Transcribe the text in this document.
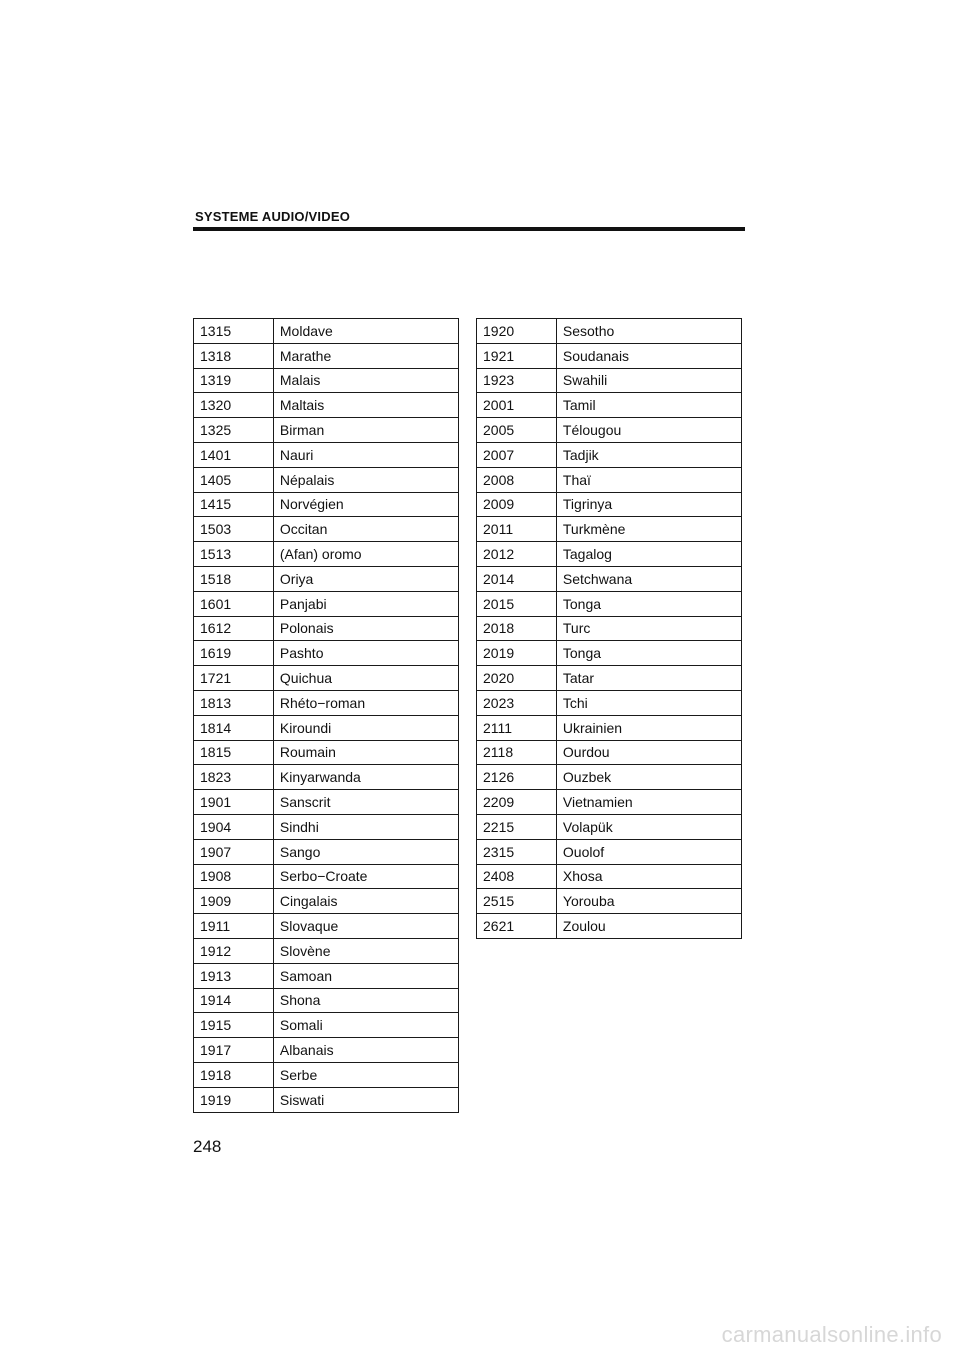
SYSTEME AUDIO/VIDEO
1315	Moldave
1318	Marathe
1319	Malais
1320	Maltais
1325	Birman
1401	Nauri
1405	Népalais
1415	Norvégien
1503	Occitan
1513	(Afan) oromo
1518	Oriya
1601	Panjabi
1612	Polonais
1619	Pashto
1721	Quichua
1813	Rhéto−roman
1814	Kiroundi
1815	Roumain
1823	Kinyarwanda
1901	Sanscrit
1904	Sindhi
1907	Sango
1908	Serbo−Croate
1909	Cingalais
1911	Slovaque
1912	Slovène
1913	Samoan
1914	Shona
1915	Somali
1917	Albanais
1918	Serbe
1919	Siswati
1920	Sesotho
1921	Soudanais
1923	Swahili
2001	Tamil
2005	Télougou
2007	Tadjik
2008	Thaï
2009	Tigrinya
2011	Turkmène
2012	Tagalog
2014	Setchwana
2015	Tonga
2018	Turc
2019	Tonga
2020	Tatar
2023	Tchi
2111	Ukrainien
2118	Ourdou
2126	Ouzbek
2209	Vietnamien
2215	Volapük
2315	Ouolof
2408	Xhosa
2515	Yorouba
2621	Zoulou
248
carmanualsonline.info
